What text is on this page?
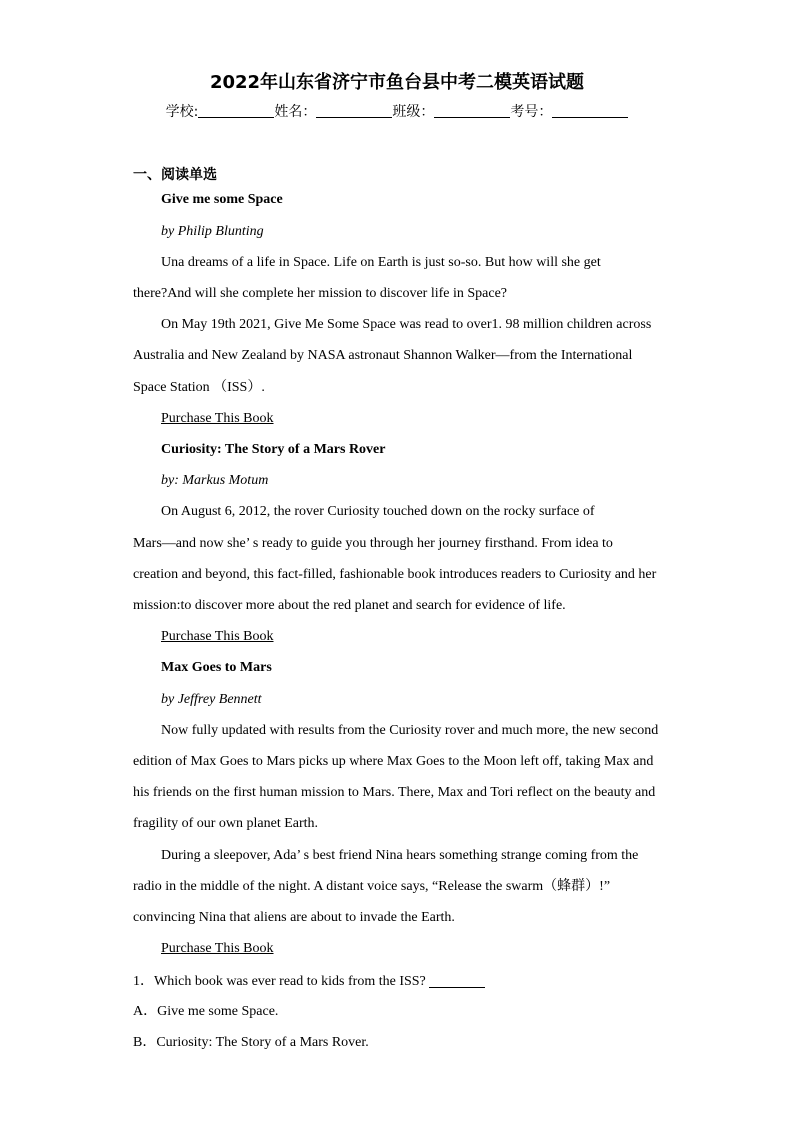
2022年山东省济宁市鱼台县中考二模英语试题
学校:	姓名：	班级：	考号：
一、阅读单选
Give me some Space
by Philip Blunting
Una dreams of a life in Space. Life on Earth is just so-so. But how will she get
there?And will she complete her mission to discover life in Space?
On May 19th 2021, Give Me Some Space was read to over1. 98 million children across
Australia and New Zealand by NASA astronaut Shannon Walker—from the International
Space Station （ISS）.
Purchase This Book
Curiosity: The Story of a Mars Rover
by: Markus Motum
On August 6, 2012, the rover Curiosity touched down on the rocky surface of
Mars—and now she’ s ready to guide you through her journey firsthand. From idea to
creation and beyond, this fact-filled, fashionable book introduces readers to Curiosity and her
mission:to discover more about the red planet and search for evidence of life.
Purchase This Book
Max Goes to Mars
by Jeffrey Bennett
Now fully updated with results from the Curiosity rover and much more, the new second
edition of Max Goes to Mars picks up where Max Goes to the Moon left off, taking Max and
his friends on the first human mission to Mars. There, Max and Tori reflect on the beauty and
fragility of our own planet Earth.
During a sleepover, Ada’ s best friend Nina hears something strange coming from the
radio in the middle of the night. A distant voice says, “Release the swarm（蜂群）!”
convincing Nina that aliens are about to invade the Earth.
Purchase This Book
1．Which book was ever read to kids from the ISS?
A．Give me some Space.
B．Curiosity: The Story of a Mars Rover.
